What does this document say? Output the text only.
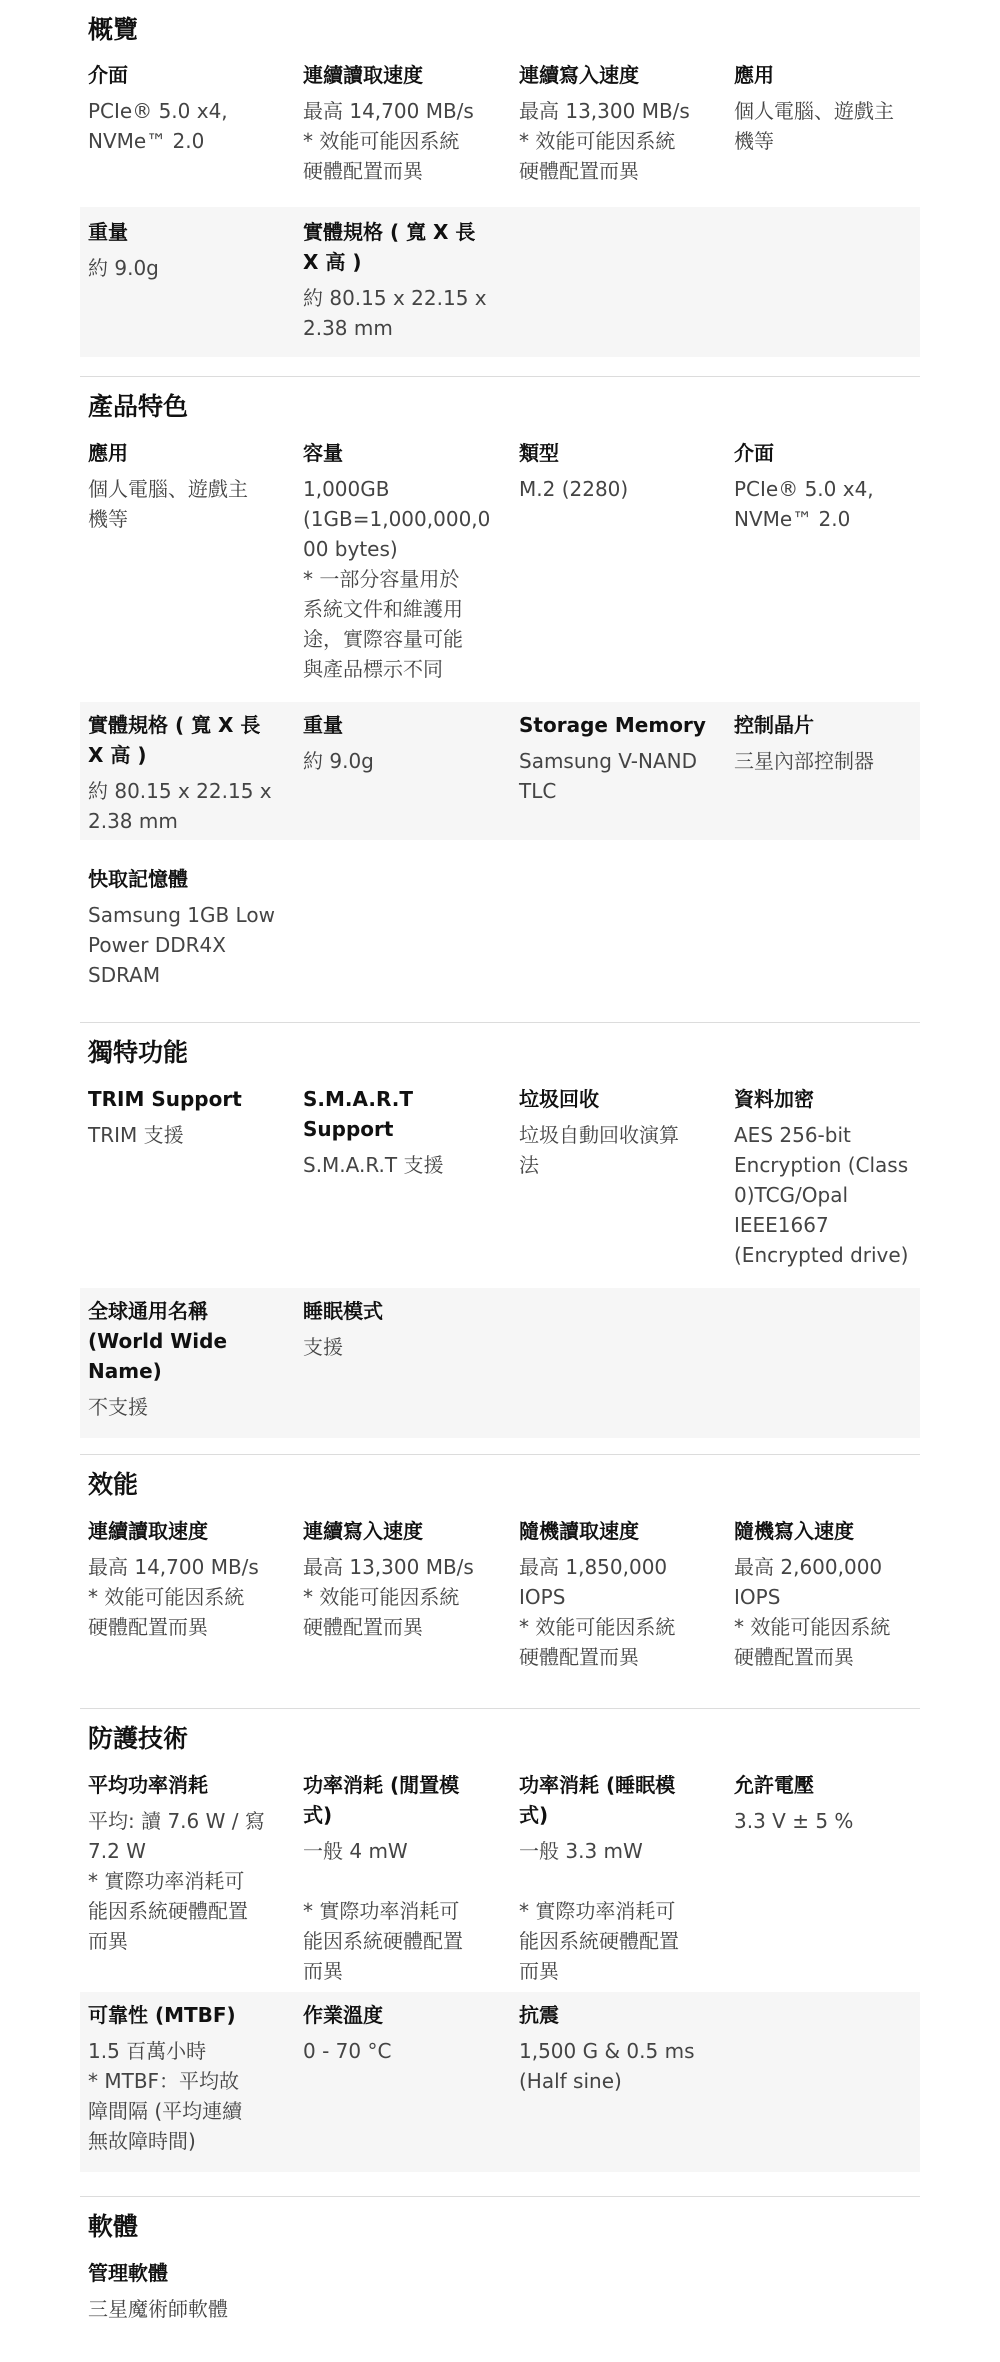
概覽

介面

PCIe® 5.0 x4,
NVMe™ 2.0

連續讀取速度

最高 14,700 MB/s
* 效能可能因系統
硬體配置而異

連續寫入速度

最高 13,300 MB/s
* 效能可能因系統
硬體配置而異

應用

個人電腦、遊戲主
機等

重量

約 9.0g

實體規格 ( 寬 X 長
X 高 )

約 80.15 x 22.15 x
2.38 mm

產品特色

應用

個人電腦、遊戲主
機等

容量

1,000GB
(1GB=1,000,000,0
00 bytes)
* 一部分容量用於
系統文件和維護用
途，實際容量可能
與產品標示不同

類型

M.2 (2280)

介面

PCIe® 5.0 x4,
NVMe™ 2.0

實體規格 ( 寬 X 長
X 高 )

約 80.15 x 22.15 x
2.38 mm

重量

約 9.0g

Storage Memory

Samsung V-NAND
TLC

控制晶片

三星內部控制器

快取記憶體

Samsung 1GB Low
Power DDR4X
SDRAM

獨特功能

TRIM Support

TRIM 支援

S.M.A.R.T Support

S.M.A.R.T 支援

垃圾回收

垃圾自動回收演算
法

資料加密

AES 256-bit
Encryption (Class
0)TCG/Opal
IEEE1667
(Encrypted drive)

全球通用名稱
(World Wide
Name)

不支援

睡眠模式

支援

效能

連續讀取速度

最高 14,700 MB/s
* 效能可能因系統
硬體配置而異

連續寫入速度

最高 13,300 MB/s
* 效能可能因系統
硬體配置而異

隨機讀取速度

最高 1,850,000
IOPS
* 效能可能因系統
硬體配置而異

隨機寫入速度

最高 2,600,000
IOPS
* 效能可能因系統
硬體配置而異

防護技術

平均功率消耗

平均: 讀 7.6 W / 寫
7.2 W
* 實際功率消耗可
能因系統硬體配置
而異

功率消耗 (閒置模
式)

一般 4 mW

* 實際功率消耗可
能因系統硬體配置
而異

功率消耗 (睡眠模
式)

一般 3.3 mW

* 實際功率消耗可
能因系統硬體配置
而異

允許電壓

3.3 V ± 5 %

可靠性 (MTBF)

1.5 百萬小時
* MTBF：平均故
障間隔 (平均連續
無故障時間)

作業溫度

0 - 70 °C

抗震

1,500 G & 0.5 ms
(Half sine)

軟體

管理軟體

三星魔術師軟體
